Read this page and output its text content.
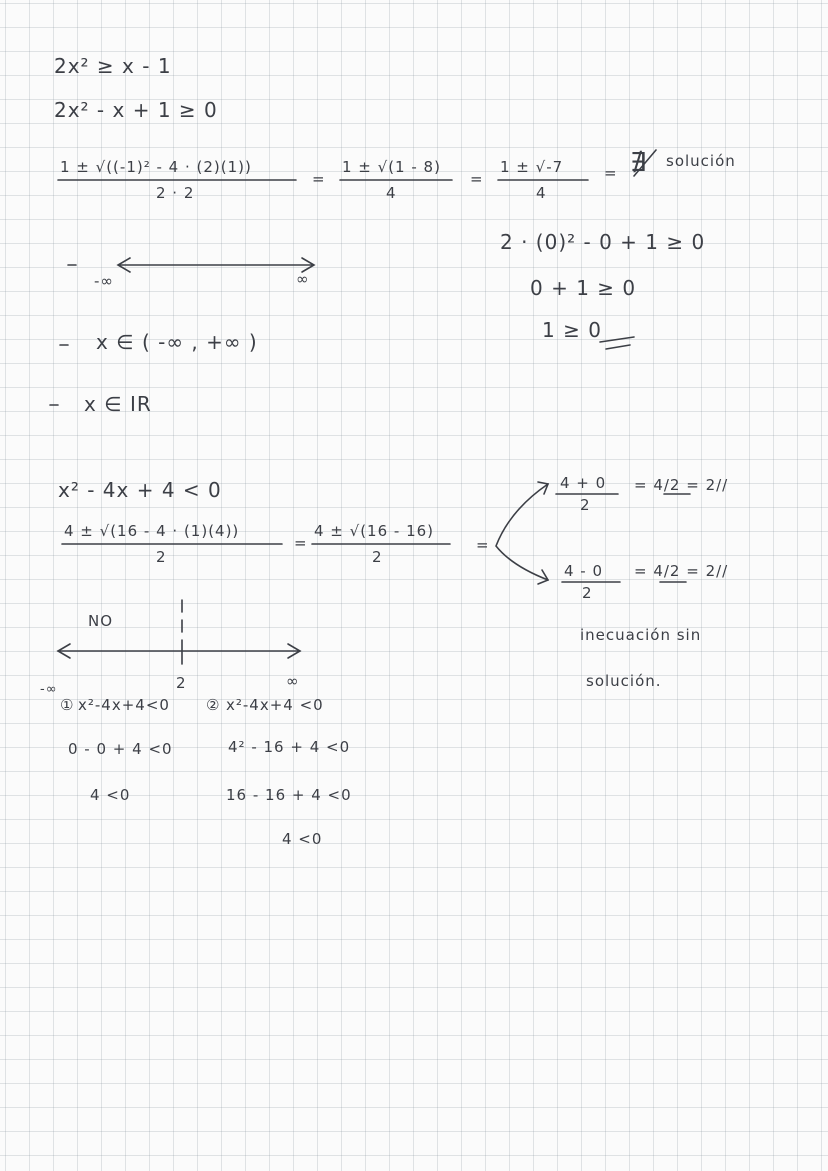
2x² ≥ x - 1
2x² - x + 1 ≥ 0
1 ± √((-1)² - 4 · (2)(1))
2 · 2
=
1 ± √(1 - 8)
4
=
1 ± √-7
4
= ∄ solución
-∞	∞
x ∈ ( -∞ , +∞ )
x ∈ IR
2 · (0)² - 0 + 1 ≥ 0
0 + 1 ≥ 0
1 ≥ 0
x² - 4x + 4 < 0
4 ± √(16 - 4 · (1)(4))
2
=
4 ± √(16 - 16)
2
=
4 + 0
2
= 4/2 = 2//
4 - 0
2
= 4/2 = 2//
inecuación sin
solución.
NO
-∞	2	∞
① x²-4x+4<0 ② x²-4x+4 <0
0 - 0 + 4 <0	4² - 16 + 4 <0
4 <0	16 - 16 + 4 <0
4 <0
